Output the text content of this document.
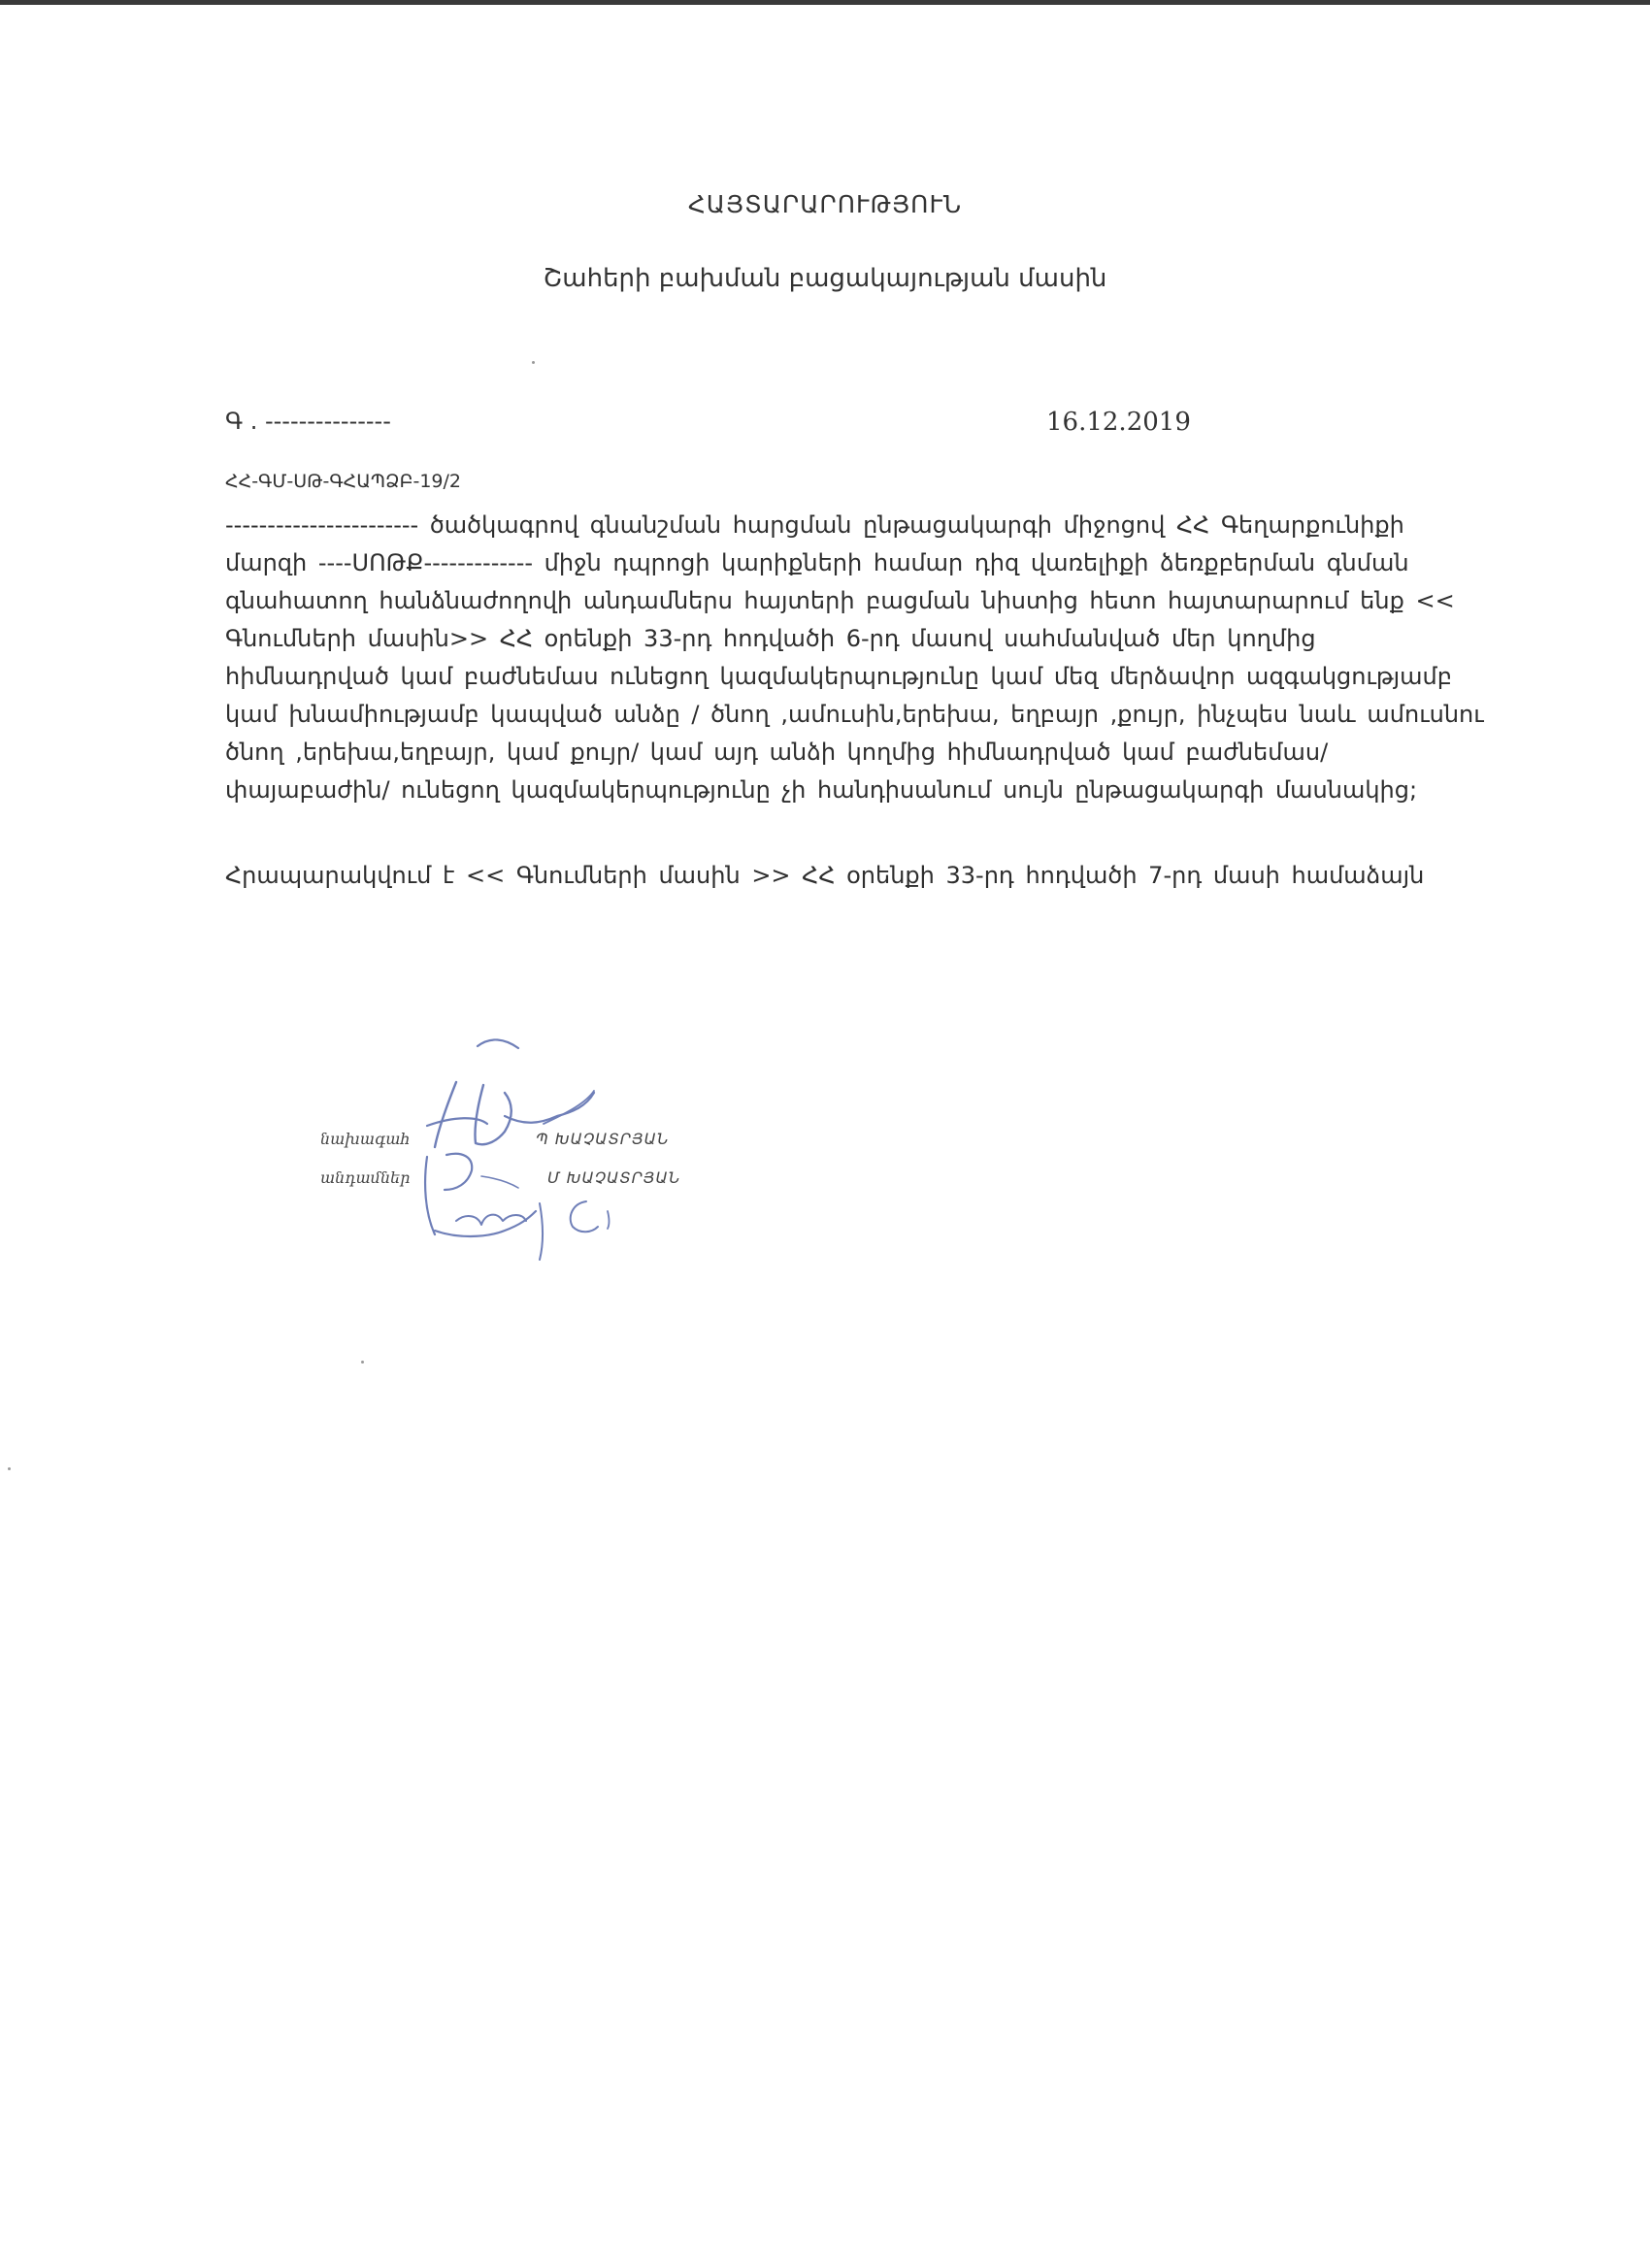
ՀԱՅՏԱՐԱՐՈՒԹՅՈՒՆ
Շահերի բախման բացակայության մասին
Գ . ---------------	16.12.2019
ՀՀ-ԳՄ-ՍԹ-ԳՀԱՊՁԲ-19/2

----------------------- ծածկագրով գնանշման հարցման ընթացակարգի միջոցով ՀՀ Գեղարքունիքի

մարզի ----ՍՈԹՔ------------- միջն դպրոցի կարիքների համար դիզ վառելիքի ձեռքբերման գնման

գնահատող հանձնաժողովի անդամներս հայտերի բացման նիստից հետո հայտարարում ենք <<

Գնումների մասին>> ՀՀ օրենքի 33-րդ հոդվածի 6-րդ մասով սահմանված մեր կողմից

հիմնադրված կամ բաժնեմաս ունեցող կազմակերպությունը կամ մեզ մերձավոր ազգակցությամբ

կամ խնամիությամբ կապված անձը / ծնող ,ամուսին,երեխա, եղբայր ,քույր, ինչպես նաև ամուսնու

ծնող ,երեխա,եղբայր, կամ քույր/ կամ այդ անձի կողմից հիմնադրված կամ բաժնեմաս/

փայաբաժին/ ունեցող կազմակերպությունը չի հանդիսանում սույն ընթացակարգի մասնակից;

Հրապարակվում է << Գնումների մասին >> ՀՀ օրենքի 33-րդ հոդվածի 7-րդ մասի համաձայն
նախագահ	Պ ԽԱՉԱՏՐՅԱՆ
անդամներ	Մ ԽԱՉԱՏՐՅԱՆ
